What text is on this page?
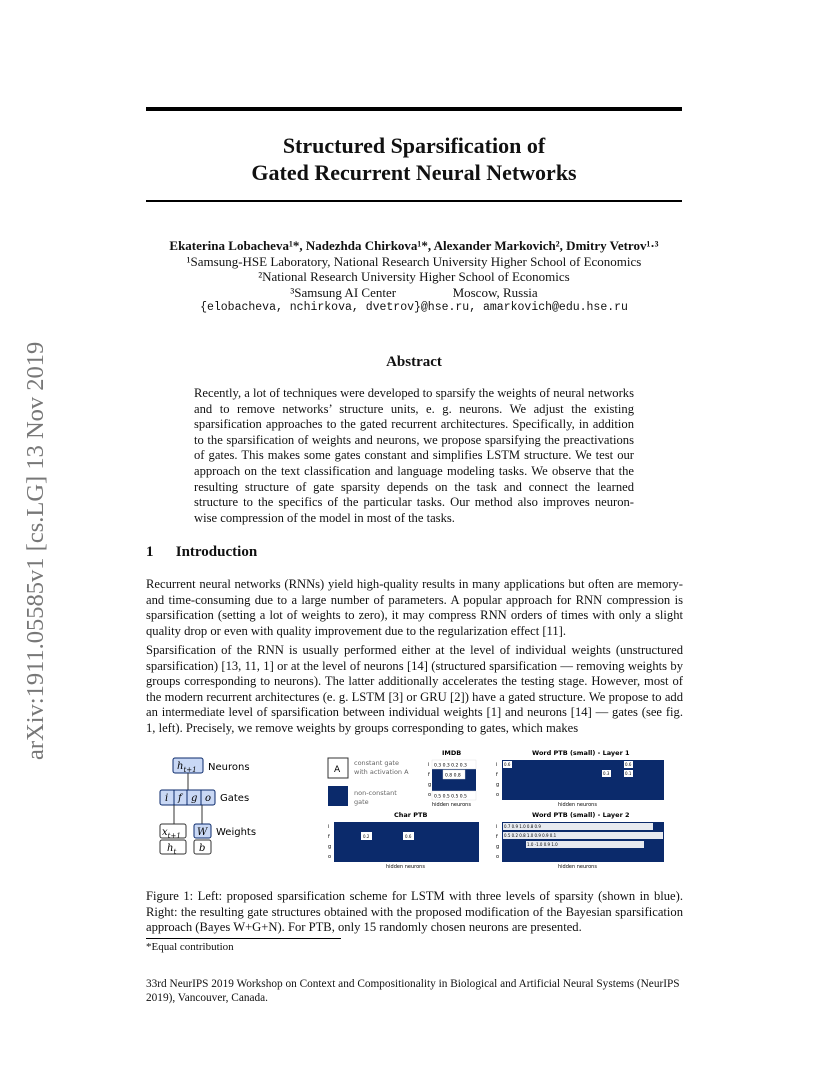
arXiv:1911.05585v1 [cs.LG] 13 Nov 2019
Structured Sparsification of
Gated Recurrent Neural Networks
Ekaterina Lobacheva¹*, Nadezhda Chirkova¹*, Alexander Markovich², Dmitry Vetrov¹·³
¹Samsung-HSE Laboratory, National Research University Higher School of Economics
²National Research University Higher School of Economics
³Samsung AI Center	Moscow, Russia
{elobacheva, nchirkova, dvetrov}@hse.ru, amarkovich@edu.hse.ru
Abstract
Recently, a lot of techniques were developed to sparsify the weights of neural networks and to remove networks’ structure units, e. g. neurons. We adjust the existing sparsification approaches to the gated recurrent architectures. Specifically, in addition to the sparsification of weights and neurons, we propose sparsifying the preactivations of gates. This makes some gates constant and simplifies LSTM structure. We test our approach on the text classification and language modeling tasks. We observe that the resulting structure of gate sparsity depends on the task and connect the learned structure to the specifics of the particular tasks. Our method also improves neuron-wise compression of the model in most of the tasks.
1 Introduction
Recurrent neural networks (RNNs) yield high-quality results in many applications but often are memory- and time-consuming due to a large number of parameters. A popular approach for RNN compression is sparsification (setting a lot of weights to zero), it may compress RNN orders of times with only a slight quality drop or even with quality improvement due to the regularization effect [11].
Sparsification of the RNN is usually performed either at the level of individual weights (unstructured sparsification) [13, 11, 1] or at the level of neurons [14] (structured sparsification — removing weights by groups corresponding to neurons). The latter additionally accelerates the testing stage. However, most of the modern recurrent architectures (e. g. LSTM [3] or GRU [2]) have a gated structure. We propose to add an intermediate level of sparsification between individual weights [1] and neurons [14] — gates (see fig. 1, left). Precisely, we remove weights by groups corresponding to gates, which makes
$h_{t+1}$ Neurons
i f g o Gates
$x_{t+1}$
$h_t$
W
b
Weights
A
constant gate
with activation A
non-constant
gate
IMDB
i
f
g
o
0.3 0.3 0.2 0.3
0.8 0.8
0.5 0.5 0.5 0.5
hidden neurons
Word PTB (small) - Layer 1
i
f
g
o
0.6	0.6
0.3	0.1
hidden neurons
Char PTB
i
f
g
o
0.2	0.6
hidden neurons
Word PTB (small) - Layer 2
i
f
g
o
0.7 0.9 1.0 0.8 0.9
0.5 0.2 0.8 1.0 0.9 0.9 0.1
1.0 -1.0 0.9 1.0
hidden neurons
Figure 1: Left: proposed sparsification scheme for LSTM with three levels of sparsity (shown in blue). Right: the resulting gate structures obtained with the proposed modification of the Bayesian sparsification approach (Bayes W+G+N). For PTB, only 15 randomly chosen neurons are presented.
*Equal contribution
33rd NeurIPS 2019 Workshop on Context and Compositionality in Biological and Artificial Neural Systems (NeurIPS 2019), Vancouver, Canada.
